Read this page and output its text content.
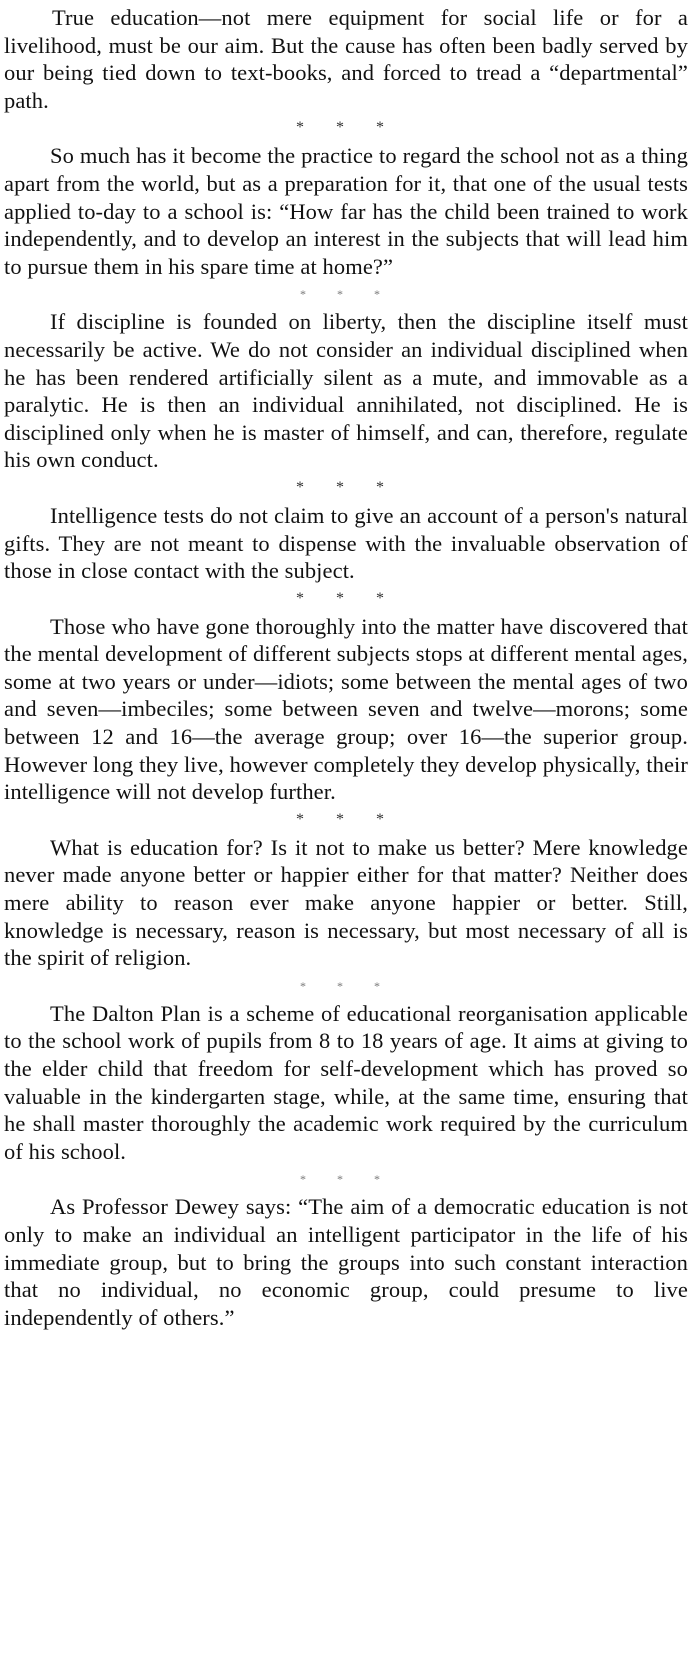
True education—not mere equipment for social life or for a livelihood, must be our aim. But the cause has often been badly served by our being tied down to text-books, and forced to tread a “departmental” path.

* * *

So much has it become the practice to regard the school not as a thing apart from the world, but as a preparation for it, that one of the usual tests applied to-day to a school is: “How far has the child been trained to work independently, and to develop an interest in the subjects that will lead him to pursue them in his spare time at home?”

* * *

If discipline is founded on liberty, then the discipline itself must necessarily be active. We do not consider an individual disciplined when he has been rendered artificially silent as a mute, and immovable as a paralytic. He is then an individual annihilated, not disciplined. He is disciplined only when he is master of himself, and can, therefore, regulate his own conduct.

* * *

Intelligence tests do not claim to give an account of a person's natural gifts. They are not meant to dispense with the invaluable observation of those in close contact with the subject.

* * *

Those who have gone thoroughly into the matter have discovered that the mental development of different subjects stops at different mental ages, some at two years or under—idiots; some between the mental ages of two and seven—imbeciles; some between seven and twelve—morons; some between 12 and 16—the average group; over 16—the superior group. However long they live, however completely they develop physically, their intelligence will not develop further.

* * *

What is education for? Is it not to make us better? Mere knowledge never made anyone better or happier either for that matter? Neither does mere ability to reason ever make anyone happier or better. Still, knowledge is necessary, reason is necessary, but most necessary of all is the spirit of religion.

* * *

The Dalton Plan is a scheme of educational reorganisation applicable to the school work of pupils from 8 to 18 years of age. It aims at giving to the elder child that freedom for self-development which has proved so valuable in the kindergarten stage, while, at the same time, ensuring that he shall master thoroughly the academic work required by the curriculum of his school.

* * *

As Professor Dewey says: “The aim of a democratic education is not only to make an individual an intelligent participator in the life of his immediate group, but to bring the groups into such constant interaction that no individual, no economic group, could presume to live independently of others.”
